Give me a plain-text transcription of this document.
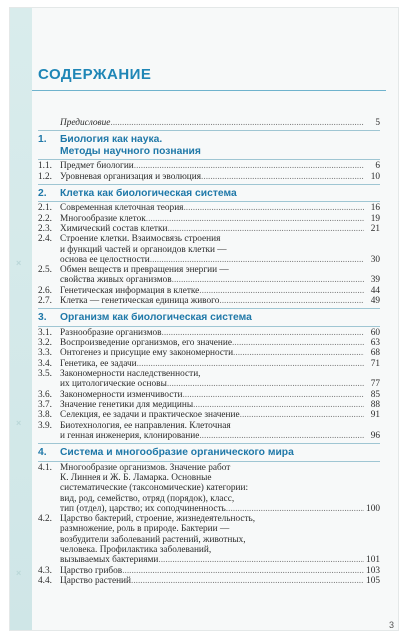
×
×
×
СОДЕРЖАНИЕ
Предисловие .....	5
1. Биология как наука.
Методы научного познания
1.1. Предмет биологии .....	6
1.2. Уровневая организация и эволюция .....	10
2. Клетка как биологическая система
2.1. Современная клеточная теория .....	16
2.2. Многообразие клеток .....	19
2.3. Химический состав клетки .....	21
2.4. Строение клетки. Взаимосвязь строения
и функций частей и органоидов клетки —
основа ее целостности .....	30
2.5. Обмен веществ и превращения энергии —
свойства живых организмов .....	39
2.6. Генетическая информация в клетке .....	44
2.7. Клетка — генетическая единица живого .....	49
3. Организм как биологическая система
3.1. Разнообразие организмов .....	60
3.2. Воспроизведение организмов, его значение .....	63
3.3. Онтогенез и присущие ему закономерности .....	68
3.4. Генетика, ее задачи .....	71
3.5. Закономерности наследственности,
их цитологические основы .....	77
3.6. Закономерности изменчивости .....	85
3.7. Значение генетики для медицины .....	88
3.8. Селекция, ее задачи и практическое значение .....	91
3.9. Биотехнология, ее направления. Клеточная
и генная инженерия, клонирование .....	96
4. Система и многообразие органического мира
4.1. Многообразие организмов. Значение работ
К. Линнея и Ж. Б. Ламарка. Основные
систематические (таксономические) категории:
вид, род, семейство, отряд (порядок), класс,
тип (отдел), царство; их соподчиненность .....	100
4.2. Царство бактерий, строение, жизнедеятельность,
размножение, роль в природе. Бактерии —
возбудители заболеваний растений, животных,
человека. Профилактика заболеваний,
вызываемых бактериями .....	101
4.3. Царство грибов .....	103
4.4. Царство растений .....	105
3
